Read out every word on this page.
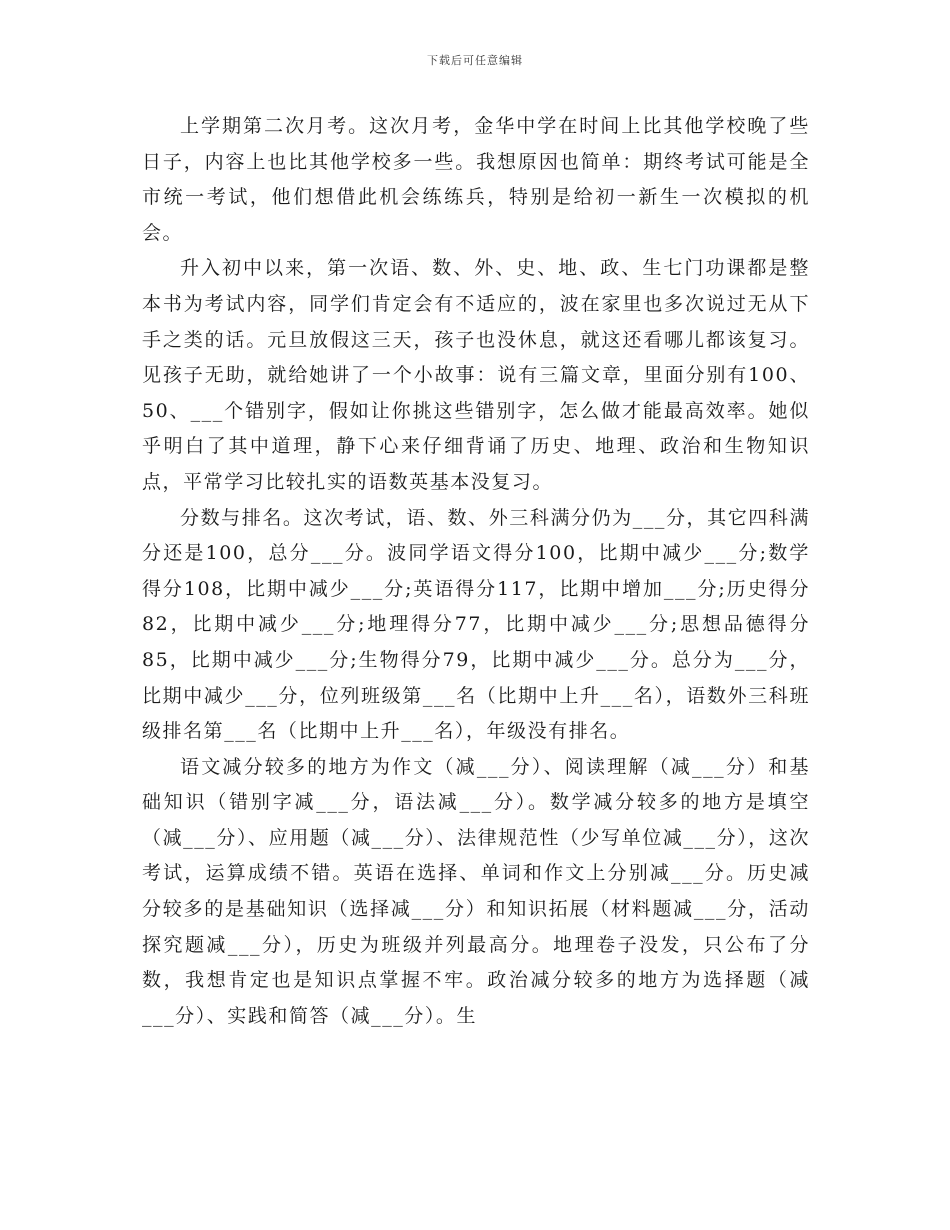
下载后可任意编辑

上学期第二次月考。这次月考，金华中学在时间上比其他学校晚了些日子，内容上也比其他学校多一些。我想原因也简单：期终考试可能是全市统一考试，他们想借此机会练练兵，特别是给初一新生一次模拟的机会。

升入初中以来，第一次语、数、外、史、地、政、生七门功课都是整本书为考试内容，同学们肯定会有不适应的，波在家里也多次说过无从下手之类的话。元旦放假这三天，孩子也没休息，就这还看哪儿都该复习。见孩子无助，就给她讲了一个小故事：说有三篇文章，里面分别有100、50、___个错别字，假如让你挑这些错别字，怎么做才能最高效率。她似乎明白了其中道理，静下心来仔细背诵了历史、地理、政治和生物知识点，平常学习比较扎实的语数英基本没复习。

分数与排名。这次考试，语、数、外三科满分仍为___分，其它四科满分还是100，总分___分。波同学语文得分100，比期中减少___分;数学得分108，比期中减少___分;英语得分117，比期中增加___分;历史得分82，比期中减少___分;地理得分77，比期中减少___分;思想品德得分85，比期中减少___分;生物得分79，比期中减少___分。总分为___分，比期中减少___分，位列班级第___名（比期中上升___名），语数外三科班级排名第___名（比期中上升___名），年级没有排名。

语文减分较多的地方为作文（减___分）、阅读理解（减___分）和基础知识（错别字减___分，语法减___分）。数学减分较多的地方是填空（减___分）、应用题（减___分）、法律规范性（少写单位减___分），这次考试，运算成绩不错。英语在选择、单词和作文上分别减___分。历史减分较多的是基础知识（选择减___分）和知识拓展（材料题减___分，活动探究题减___分），历史为班级并列最高分。地理卷子没发，只公布了分数，我想肯定也是知识点掌握不牢。政治减分较多的地方为选择题（减___分）、实践和简答（减___分）。生
